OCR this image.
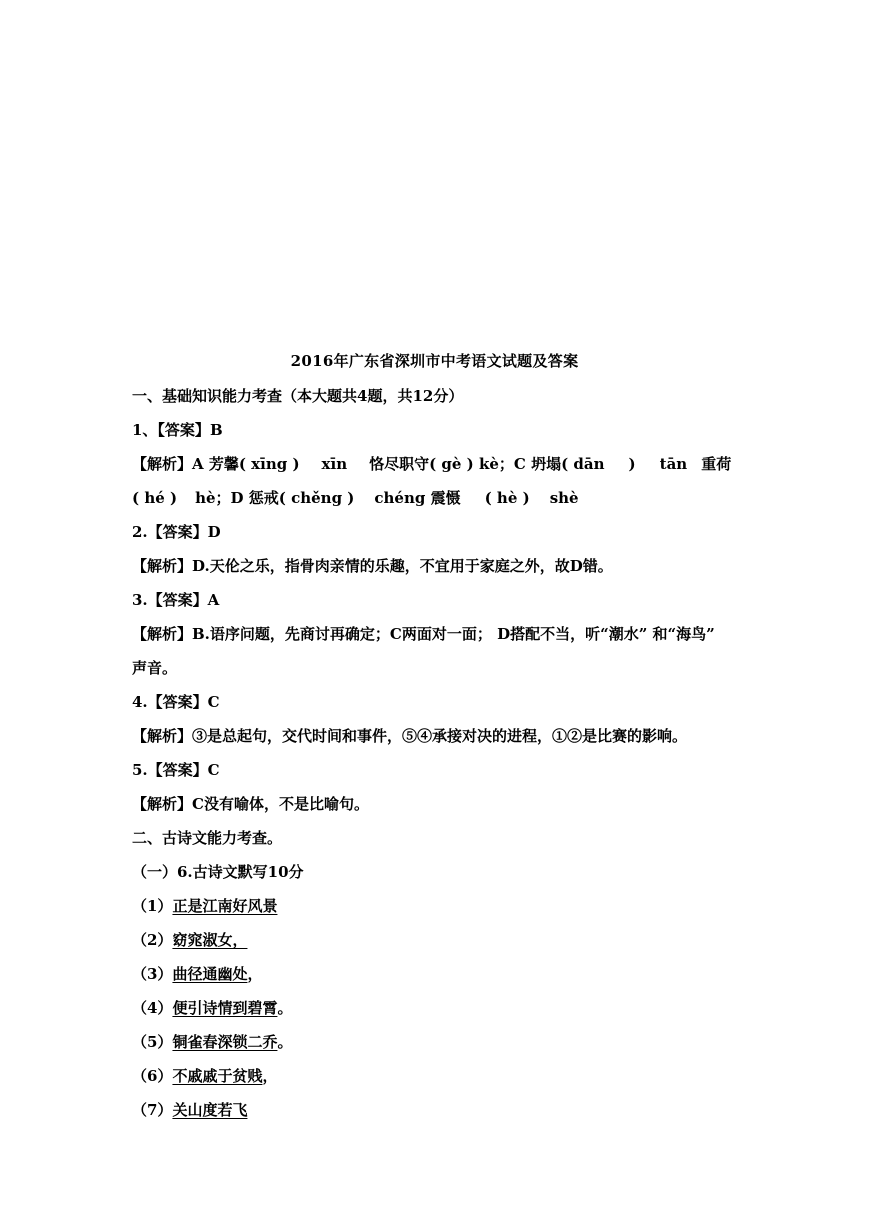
2016年广东省深圳市中考语文试题及答案
一、基础知识能力考查（本大题共4题，共12分）
1、【答案】B
【解析】A 芳馨( xīng ) xīn 恪尽职守( gè ) kè；C 坍塌( dān ) tān 重荷
( hé ) hè；D 惩戒( chěng ) chéng 震慑 ( hè ) shè
2.【答案】D
【解析】D.天伦之乐，指骨肉亲情的乐趣，不宜用于家庭之外，故D错。
3.【答案】A
【解析】B.语序问题，先商讨再确定；C两面对一面； D搭配不当，听“潮水” 和“海鸟”
声音。
4.【答案】C
【解析】③是总起句，交代时间和事件，⑤④承接对决的进程，①②是比赛的影响。
5.【答案】C
【解析】C没有喻体，不是比喻句。
二、古诗文能力考查。
（一）6.古诗文默写10分
（1）正是江南好风景
（2）窈窕淑女，
（3）曲径通幽处，
（4）便引诗情到碧霄。
（5）铜雀春深锁二乔。
（6）不戚戚于贫贱，
（7）关山度若飞
